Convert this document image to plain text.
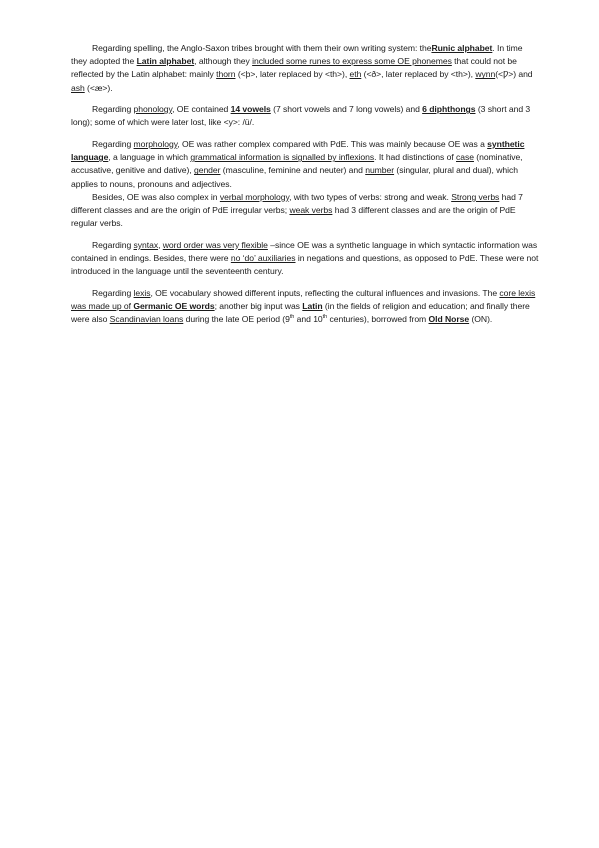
Regarding spelling, the Anglo-Saxon tribes brought with them their own writing system: theRunic alphabet. In time they adopted the Latin alphabet, although they included some runes to express some OE phonemes that could not be reflected by the Latin alphabet: mainly thorn (<þ>, later replaced by <th>), eth (<ð>, later replaced by <th>), wynn(<Ƿ>) and ash (<æ>).

Regarding phonology, OE contained 14 vowels (7 short vowels and 7 long vowels) and 6 diphthongs (3 short and 3 long); some of which were later lost, like <y>: /ü/.

Regarding morphology, OE was rather complex compared with PdE. This was mainly because OE was a synthetic language, a language in which grammatical information is signalled by inflexions. It had distinctions of case (nominative, accusative, genitive and dative), gender (masculine, feminine and neuter) and number (singular, plural and dual), which applies to nouns, pronouns and adjectives.

Besides, OE was also complex in verbal morphology, with two types of verbs: strong and weak. Strong verbs had 7 different classes and are the origin of PdE irregular verbs; weak verbs had 3 different classes and are the origin of PdE regular verbs.

Regarding syntax, word order was very flexible –since OE was a synthetic language in which syntactic information was contained in endings. Besides, there were no ‘do’ auxiliaries in negations and questions, as opposed to PdE. These were not introduced in the language until the seventeenth century.

Regarding lexis, OE vocabulary showed different inputs, reflecting the cultural influences and invasions. The core lexis was made up of Germanic OE words; another big input was Latin (in the fields of religion and education; and finally there were also Scandinavian loans during the late OE period (9th and 10th centuries), borrowed from Old Norse (ON).
